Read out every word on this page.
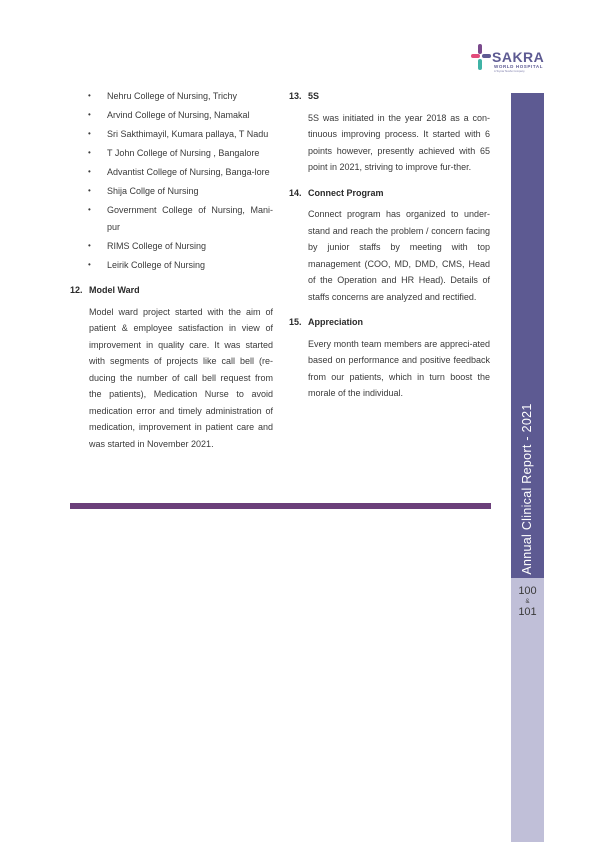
SAKRA
WORLD HOSPITAL
A Toyota Tsusho Company
Annual Clinical Report - 2021
100
&
101
• Nehru College of Nursing, Trichy
• Arvind College of Nursing, Namakal
• Sri Sakthimayil, Kumara pallaya, T Nadu
• T John College of Nursing , Bangalore
• Advantist College of Nursing, Banga-lore
• Shija Collge of Nursing
• Government College of Nursing, Mani-pur
• RIMS College of Nursing
• Leirik College of Nursing
12. Model Ward

Model ward project started with the aim of patient & employee satisfaction in view of improvement in quality care. It was started with segments of projects like call bell (re-ducing the number of call bell request from the patients), Medication Nurse to avoid medication error and timely administration of medication, improvement in patient care and was started in November 2021.

13. 5S

5S was initiated in the year 2018 as a con-tinuous improving process. It started with 6 points however, presently achieved with 65 point in 2021, striving to improve fur-ther.

14. Connect Program

Connect program has organized to under-stand and reach the problem / concern facing by junior staffs by meeting with top management (COO, MD, DMD, CMS, Head of the Operation and HR Head). Details of staffs concerns are analyzed and rectified.

15. Appreciation

Every month team members are appreci-ated based on performance and positive feedback from our patients, which in turn boost the morale of the individual.
